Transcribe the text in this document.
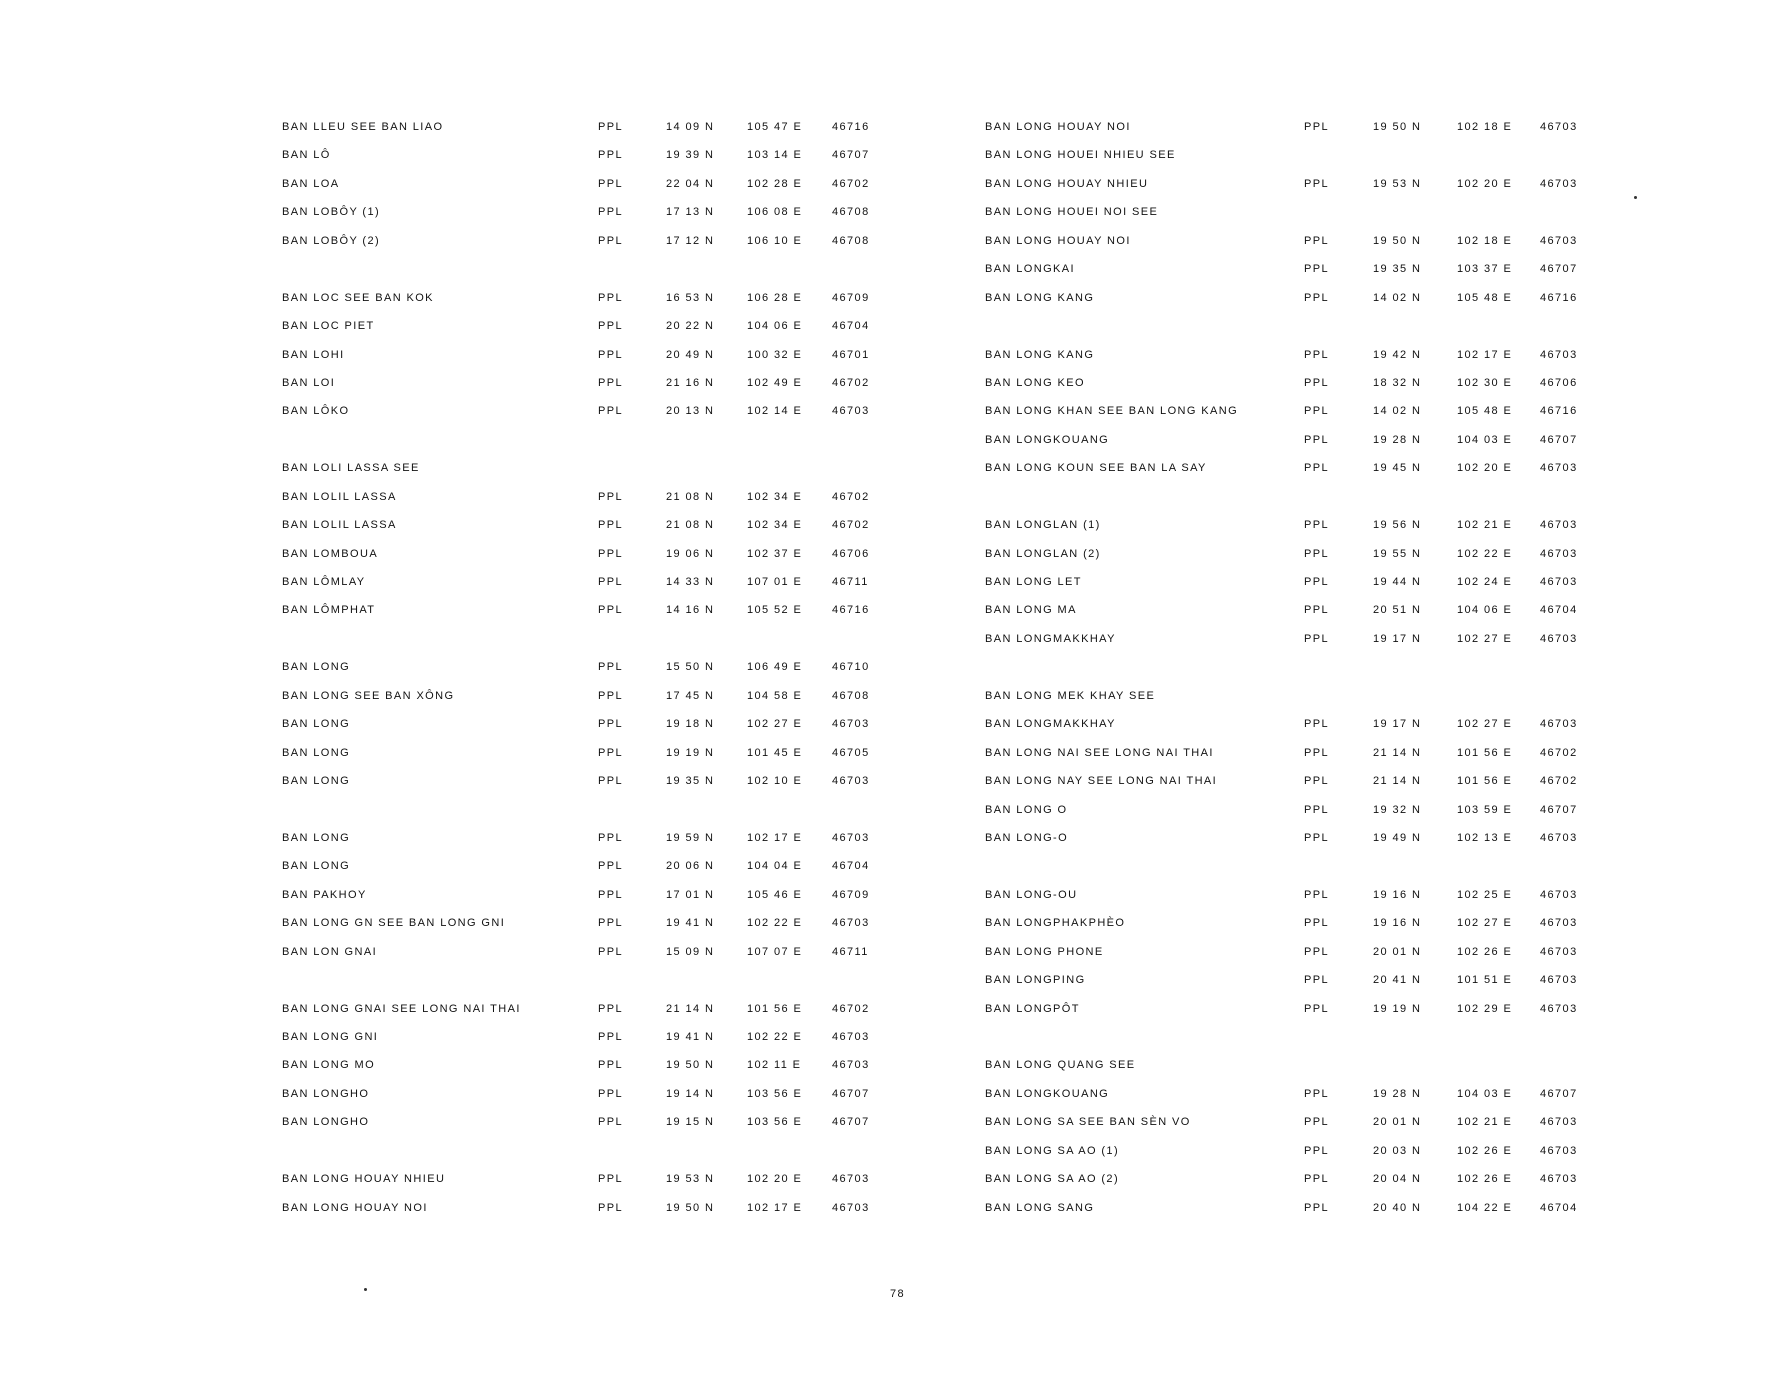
BAN LLEU SEE BAN LIAO	PPL	14 09 N	105 47 E	46716
BAN LÔ	PPL	19 39 N	103 14 E	46707
BAN LOA	PPL	22 04 N	102 28 E	46702
BAN LOBÔY (1)	PPL	17 13 N	106 08 E	46708
BAN LOBÔY (2)	PPL	17 12 N	106 10 E	46708
BAN LOC SEE BAN KOK	PPL	16 53 N	106 28 E	46709
BAN LOC PIET	PPL	20 22 N	104 06 E	46704
BAN LOHI	PPL	20 49 N	100 32 E	46701
BAN LOI	PPL	21 16 N	102 49 E	46702
BAN LÔKO	PPL	20 13 N	102 14 E	46703
BAN LOLI LASSA SEE
BAN LOLIL LASSA	PPL	21 08 N	102 34 E	46702
BAN LOLIL LASSA	PPL	21 08 N	102 34 E	46702
BAN LOMBOUA	PPL	19 06 N	102 37 E	46706
BAN LÔMLAY	PPL	14 33 N	107 01 E	46711
BAN LÔMPHAT	PPL	14 16 N	105 52 E	46716
BAN LONG	PPL	15 50 N	106 49 E	46710
BAN LONG SEE BAN XÔNG	PPL	17 45 N	104 58 E	46708
BAN LONG	PPL	19 18 N	102 27 E	46703
BAN LONG	PPL	19 19 N	101 45 E	46705
BAN LONG	PPL	19 35 N	102 10 E	46703
BAN LONG	PPL	19 59 N	102 17 E	46703
BAN LONG	PPL	20 06 N	104 04 E	46704
BAN PAKHOY	PPL	17 01 N	105 46 E	46709
BAN LONG GN SEE BAN LONG GNI	PPL	19 41 N	102 22 E	46703
BAN LON GNAI	PPL	15 09 N	107 07 E	46711
BAN LONG GNAI SEE LONG NAI THAI	PPL	21 14 N	101 56 E	46702
BAN LONG GNI	PPL	19 41 N	102 22 E	46703
BAN LONG MO	PPL	19 50 N	102 11 E	46703
BAN LONGHO	PPL	19 14 N	103 56 E	46707
BAN LONGHO	PPL	19 15 N	103 56 E	46707
BAN LONG HOUAY NHIEU	PPL	19 53 N	102 20 E	46703
BAN LONG HOUAY NOI	PPL	19 50 N	102 17 E	46703
BAN LONG HOUAY NOI	PPL	19 50 N	102 18 E	46703
BAN LONG HOUEI NHIEU SEE
BAN LONG HOUAY NHIEU	PPL	19 53 N	102 20 E	46703
BAN LONG HOUEI NOI SEE
BAN LONG HOUAY NOI	PPL	19 50 N	102 18 E	46703
BAN LONGKAI	PPL	19 35 N	103 37 E	46707
BAN LONG KANG	PPL	14 02 N	105 48 E	46716
BAN LONG KANG	PPL	19 42 N	102 17 E	46703
BAN LONG KEO	PPL	18 32 N	102 30 E	46706
BAN LONG KHAN SEE BAN LONG KANG	PPL	14 02 N	105 48 E	46716
BAN LONGKOUANG	PPL	19 28 N	104 03 E	46707
BAN LONG KOUN SEE BAN LA SAY	PPL	19 45 N	102 20 E	46703
BAN LONGLAN (1)	PPL	19 56 N	102 21 E	46703
BAN LONGLAN (2)	PPL	19 55 N	102 22 E	46703
BAN LONG LET	PPL	19 44 N	102 24 E	46703
BAN LONG MA	PPL	20 51 N	104 06 E	46704
BAN LONGMAKKHAY	PPL	19 17 N	102 27 E	46703
BAN LONG MEK KHAY SEE
BAN LONGMAKKHAY	PPL	19 17 N	102 27 E	46703
BAN LONG NAI SEE LONG NAI THAI	PPL	21 14 N	101 56 E	46702
BAN LONG NAY SEE LONG NAI THAI	PPL	21 14 N	101 56 E	46702
BAN LONG O	PPL	19 32 N	103 59 E	46707
BAN LONG-O	PPL	19 49 N	102 13 E	46703
BAN LONG-OU	PPL	19 16 N	102 25 E	46703
BAN LONGPHAKPHÈO	PPL	19 16 N	102 27 E	46703
BAN LONG PHONE	PPL	20 01 N	102 26 E	46703
BAN LONGPING	PPL	20 41 N	101 51 E	46703
BAN LONGPÔT	PPL	19 19 N	102 29 E	46703
BAN LONG QUANG SEE
BAN LONGKOUANG	PPL	19 28 N	104 03 E	46707
BAN LONG SA SEE BAN SÈN VO	PPL	20 01 N	102 21 E	46703
BAN LONG SA AO (1)	PPL	20 03 N	102 26 E	46703
BAN LONG SA AO (2)	PPL	20 04 N	102 26 E	46703
BAN LONG SANG	PPL	20 40 N	104 22 E	46704
78
